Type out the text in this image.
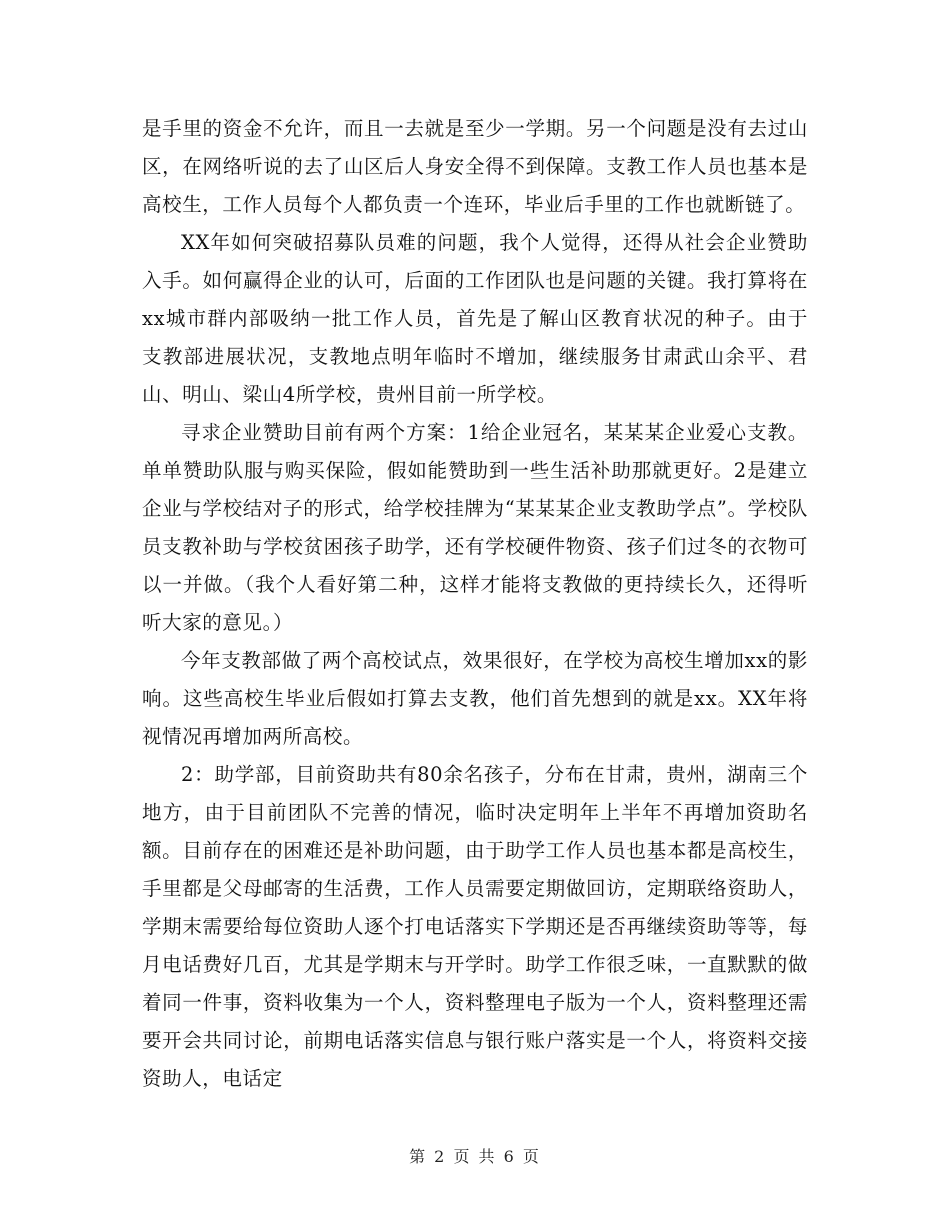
是手里的资金不允许，而且一去就是至少一学期。另一个问题是没有去过山区，在网络听说的去了山区后人身安全得不到保障。支教工作人员也基本是高校生，工作人员每个人都负责一个连环，毕业后手里的工作也就断链了。

XX年如何突破招募队员难的问题，我个人觉得，还得从社会企业赞助入手。如何赢得企业的认可，后面的工作团队也是问题的关键。我打算将在xx城市群内部吸纳一批工作人员，首先是了解山区教育状况的种子。由于支教部进展状况，支教地点明年临时不增加，继续服务甘肃武山余平、君山、明山、梁山4所学校，贵州目前一所学校。

寻求企业赞助目前有两个方案：1给企业冠名，某某某企业爱心支教。单单赞助队服与购买保险，假如能赞助到一些生活补助那就更好。2是建立企业与学校结对子的形式，给学校挂牌为“某某某企业支教助学点”。学校队员支教补助与学校贫困孩子助学，还有学校硬件物资、孩子们过冬的衣物可以一并做。（我个人看好第二种，这样才能将支教做的更持续长久，还得听听大家的意见。）

今年支教部做了两个高校试点，效果很好，在学校为高校生增加xx的影响。这些高校生毕业后假如打算去支教，他们首先想到的就是xx。XX年将视情况再增加两所高校。

2：助学部，目前资助共有80余名孩子，分布在甘肃，贵州，湖南三个地方，由于目前团队不完善的情况，临时决定明年上半年不再增加资助名额。目前存在的困难还是补助问题，由于助学工作人员也基本都是高校生，手里都是父母邮寄的生活费，工作人员需要定期做回访，定期联络资助人，学期末需要给每位资助人逐个打电话落实下学期还是否再继续资助等等，每月电话费好几百，尤其是学期末与开学时。助学工作很乏味，一直默默的做着同一件事，资料收集为一个人，资料整理电子版为一个人，资料整理还需要开会共同讨论，前期电话落实信息与银行账户落实是一个人，将资料交接资助人，电话定

第 2 页 共 6 页
